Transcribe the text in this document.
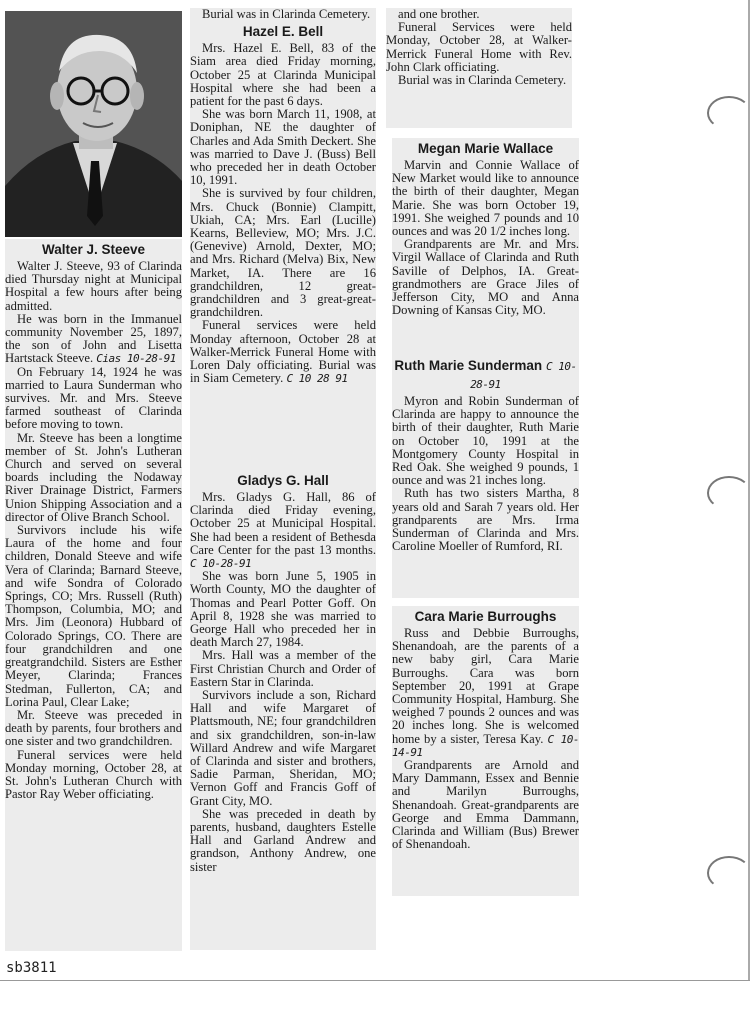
Walter J. Steeve

Walter J. Steeve, 93 of Clarinda died Thursday night at Municipal Hospital a few hours after being admitted.

He was born in the Immanuel community November 25, 1897, the son of John and Lisetta Hartstack Steeve. Cias 10-28-91

On February 14, 1924 he was married to Laura Sunderman who survives. Mr. and Mrs. Steeve farmed southeast of Clarinda before moving to town.

Mr. Steeve has been a longtime member of St. John's Lutheran Church and served on several boards including the Nodaway River Drainage District, Farmers Union Shipping Association and a director of Olive Branch School.

Survivors include his wife Laura of the home and four children, Donald Steeve and wife Vera of Clarinda; Barnard Steeve, and wife Sondra of Colorado Springs, CO; Mrs. Russell (Ruth) Thompson, Columbia, MO; and Mrs. Jim (Leonora) Hubbard of Colorado Springs, CO. There are four grandchildren and one greatgrandchild. Sisters are Esther Meyer, Clarinda; Frances Stedman, Fullerton, CA; and Lorina Paul, Clear Lake;

Mr. Steeve was preceded in death by parents, four brothers and one sister and two grandchildren.

Funeral services were held Monday morning, October 28, at St. John's Lutheran Church with Pastor Ray Weber officiating.

Burial was in Clarinda Cemetery.

Hazel E. Bell

Mrs. Hazel E. Bell, 83 of the Siam area died Friday morning, October 25 at Clarinda Municipal Hospital where she had been a patient for the past 6 days.

She was born March 11, 1908, at Doniphan, NE the daughter of Charles and Ada Smith Deckert. She was married to Dave J. (Buss) Bell who preceded her in death October 10, 1991.

She is survived by four children, Mrs. Chuck (Bonnie) Clampitt, Ukiah, CA; Mrs. Earl (Lucille) Kearns, Belleview, MO; Mrs. J.C. (Genevive) Arnold, Dexter, MO; and Mrs. Richard (Melva) Bix, New Market, IA. There are 16 grandchildren, 12 great-grandchildren and 3 great-great-grandchildren.

Funeral services were held Monday afternoon, October 28 at Walker-Merrick Funeral Home with Loren Daly officiating. Burial was in Siam Cemetery. C 10 28 91

Gladys G. Hall

Mrs. Gladys G. Hall, 86 of Clarinda died Friday evening, October 25 at Municipal Hospital. She had been a resident of Bethesda Care Center for the past 13 months. C 10-28-91

She was born June 5, 1905 in Worth County, MO the daughter of Thomas and Pearl Potter Goff. On April 8, 1928 she was married to George Hall who preceded her in death March 27, 1984.

Mrs. Hall was a member of the First Christian Church and Order of Eastern Star in Clarinda.

Survivors include a son, Richard Hall and wife Margaret of Plattsmouth, NE; four grandchildren and six grandchildren, son-in-law Willard Andrew and wife Margaret of Clarinda and sister and brothers, Sadie Parman, Sheridan, MO; Vernon Goff and Francis Goff of Grant City, MO.

She was preceded in death by parents, husband, daughters Estelle Hall and Garland Andrew and grandson, Anthony Andrew, one sister

and one brother.

Funeral Services were held Monday, October 28, at Walker-Merrick Funeral Home with Rev. John Clark officiating.

Burial was in Clarinda Cemetery.

Megan Marie Wallace

Marvin and Connie Wallace of New Market would like to announce the birth of their daughter, Megan Marie. She was born October 19, 1991. She weighed 7 pounds and 10 ounces and was 20 1/2 inches long.

Grandparents are Mr. and Mrs. Virgil Wallace of Clarinda and Ruth Saville of Delphos, IA. Great-grandmothers are Grace Jiles of Jefferson City, MO and Anna Downing of Kansas City, MO.

Ruth Marie Sunderman C 10-28-91

Myron and Robin Sunderman of Clarinda are happy to announce the birth of their daughter, Ruth Marie on October 10, 1991 at the Montgomery County Hospital in Red Oak. She weighed 9 pounds, 1 ounce and was 21 inches long.

Ruth has two sisters Martha, 8 years old and Sarah 7 years old. Her grandparents are Mrs. Irma Sunderman of Clarinda and Mrs. Caroline Moeller of Rumford, RI.

Cara Marie Burroughs

Russ and Debbie Burroughs, Shenandoah, are the parents of a new baby girl, Cara Marie Burroughs. Cara was born September 20, 1991 at Grape Community Hospital, Hamburg. She weighed 7 pounds 2 ounces and was 20 inches long. She is welcomed home by a sister, Teresa Kay. C 10-14-91

Grandparents are Arnold and Mary Dammann, Essex and Bennie and Marilyn Burroughs, Shenandoah. Great-grandparents are George and Emma Dammann, Clarinda and William (Bus) Brewer of Shenandoah.

sb3811
